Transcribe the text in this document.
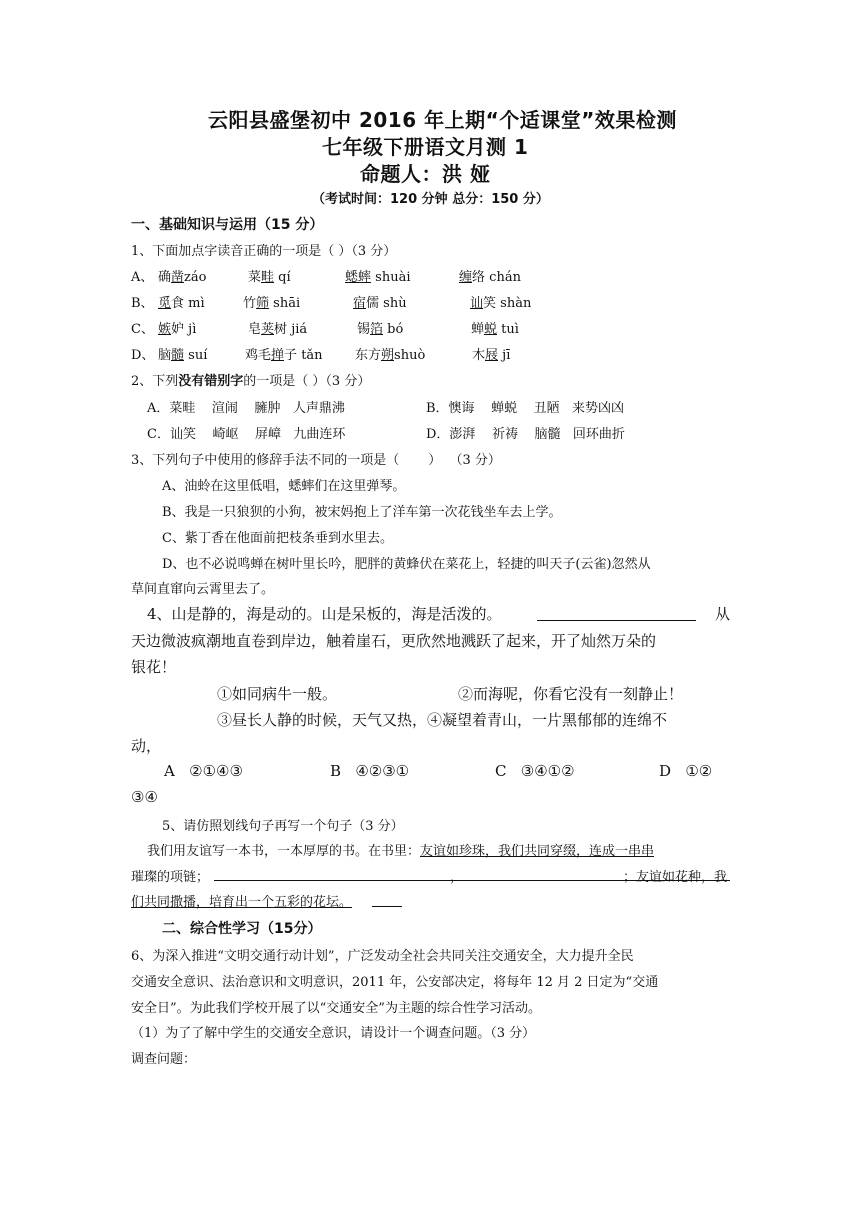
云阳县盛堡初中 2016 年上期“个适课堂”效果检测
七年级下册语文月测 1
命题人：洪 娅
（考试时间：120 分钟 总分：150 分）
一、基础知识与运用（15 分）
1、下面加点字读音正确的一项是（ ）（3 分）
A、 确凿záo	菜畦 qí	蟋蟀 shuài	缠络 chán
B、 觅食 mì	竹筛 shāi	宿儒 shù	讪笑 shàn
C、 嫉妒 jì	皂荚树 jiá	锡箔 bó	蝉蜕 tuì
D、 脑髓 suí	鸡毛掸子 tǎn 东方朔shuò	木屐 jī
2、下列没有错别字的一项是（ ）（3 分）
A．菜畦    渲闹    臃肿   人声鼎沸	B．懊诲    蝉蜕    丑陋   来势凶凶
C．讪笑    崎岖    屏嶂   九曲连环	D．澎湃    祈祷    脑髓   回环曲折
3、下列句子中使用的修辞手法不同的一项是（       ）  （3 分）
A、油蛉在这里低唱，蟋蟀们在这里弹琴。
B、我是一只狼狈的小狗，被宋妈抱上了洋车第一次花钱坐车去上学。
C、紫丁香在他面前把枝条垂到水里去。
D、也不必说鸣蝉在树叶里长吟，肥胖的黄蜂伏在菜花上，轻捷的叫天子(云雀)忽然从
草间直窜向云霄里去了。
4、山是静的，海是动的。山是呆板的，海是活泼的。	从
天边微波疯潮地直卷到岸边，触着崖石，更欣然地溅跃了起来，开了灿然万朵的
银花！
①如同病牛一般。	②而海呢，你看它没有一刻静止！
③昼长人静的时候，天气又热，④凝望着青山，一片黑郁郁的连绵不
动，
A   ②①④③	B   ④②③①	C   ③④①②	D   ①②
③④
5、请仿照划线句子再写一个句子（3 分）
我们用友谊写一本书，一本厚厚的书。在书里：友谊如珍珠，我们共同穿缀，连成一串串
璀璨的项链；	，	；友谊如花种，我
们共同撒播，培育出一个五彩的花坛。
二、综合性学习（15分）
6、为深入推进“文明交通行动计划”，广泛发动全社会共同关注交通安全，大力提升全民
交通安全意识、法治意识和文明意识，2011 年，公安部决定，将每年 12 月 2 日定为“交通
安全日”。为此我们学校开展了以“交通安全”为主题的综合性学习活动。
（1）为了了解中学生的交通安全意识，请设计一个调查问题。（3 分）
调查问题：
